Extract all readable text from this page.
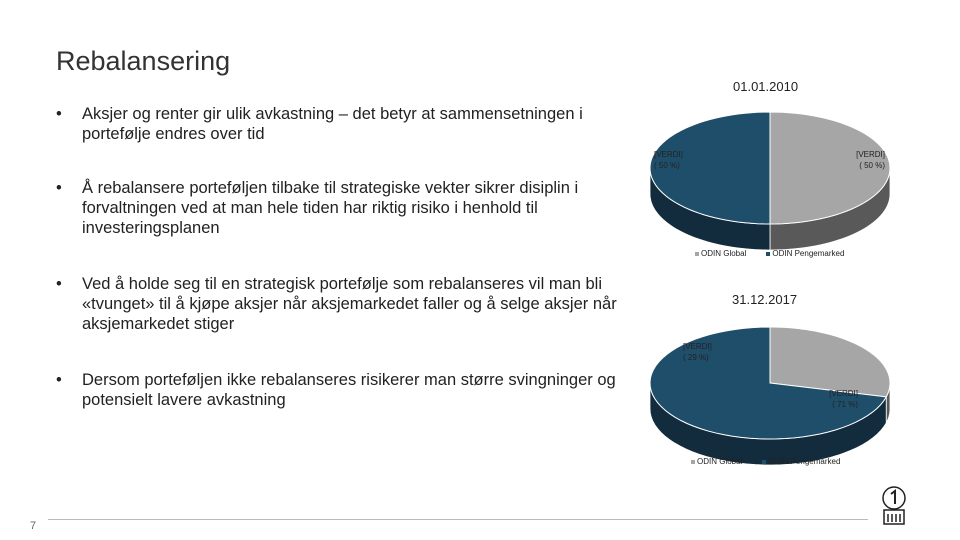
Rebalansering
•	Aksjer og renter gir ulik avkastning – det betyr at sammensetningen i portefølje endres over tid
•	Å rebalansere porteføljen tilbake til strategiske vekter sikrer disiplin i forvaltningen ved at man hele tiden har riktig risiko i henhold til investeringsplanen
•	Ved å holde seg til en strategisk portefølje som rebalanseres vil man bli «tvunget» til å kjøpe aksjer når aksjemarkedet faller og å selge aksjer når aksjemarkedet stiger
•	Dersom porteføljen ikke rebalanseres risikerer man større svingninger og potensielt lavere avkastning
01.01.2010
31.12.2017
[VERDI]
( 50 %)
[VERDI]
( 50 %)
[VERDI]
( 29 %)
[VERDI]
( 71 %)
ODIN Global	ODIN Pengemarked
ODIN Global	ODIN Pengemarked
7
